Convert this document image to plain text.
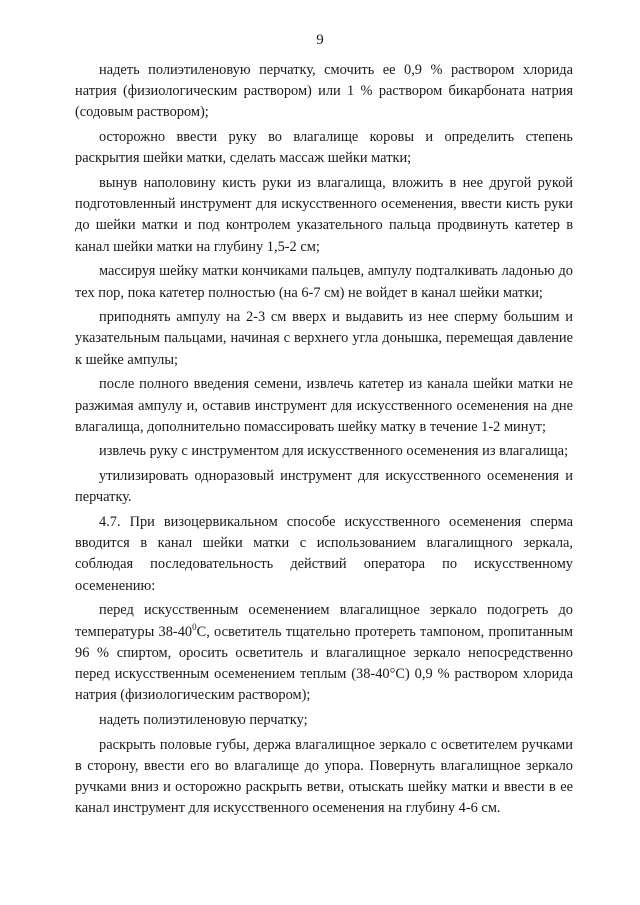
9

надеть полиэтиленовую перчатку, смочить ее 0,9 % раствором хлорида натрия (физиологическим раствором) или 1 % раствором бикарбоната натрия (содовым раствором);

осторожно ввести руку во влагалище коровы и определить степень раскрытия шейки матки, сделать массаж шейки матки;

вынув наполовину кисть руки из влагалища, вложить в нее другой рукой подготовленный инструмент для искусственного осеменения, ввести кисть руки до шейки матки и под контролем указательного пальца продвинуть катетер в канал шейки матки на глубину 1,5-2 см;

массируя шейку матки кончиками пальцев, ампулу подталкивать ладонью до тех пор, пока катетер полностью (на 6-7 см) не войдет в канал шейки матки;

приподнять ампулу на 2-3 см вверх и выдавить из нее сперму большим и указательным пальцами, начиная с верхнего угла донышка, перемещая давление к шейке ампулы;

после полного введения семени, извлечь катетер из канала шейки матки не разжимая ампулу и, оставив инструмент для искусственного осеменения на дне влагалища, дополнительно помассировать шейку матку в течение 1-2 минут;

извлечь руку с инструментом для искусственного осеменения из влагалища;

утилизировать одноразовый инструмент для искусственного осеменения и перчатку.

4.7. При визоцервикальном способе искусственного осеменения сперма вводится в канал шейки матки с использованием влагалищного зеркала, соблюдая последовательность действий оператора по искусственному осеменению:

перед искусственным осеменением влагалищное зеркало подогреть до температуры $38-40^0С$, осветитель тщательно протереть тампоном, пропитанным 96 % спиртом, оросить осветитель и влагалищное зеркало непосредственно перед искусственным осеменением теплым (38-40°С) 0,9 % раствором хлорида натрия (физиологическим раствором);

надеть полиэтиленовую перчатку;

раскрыть половые губы, держа влагалищное зеркало с осветителем ручками в сторону, ввести его во влагалище до упора. Повернуть влагалищное зеркало ручками вниз и осторожно раскрыть ветви, отыскать шейку матки и ввести в ее канал инструмент для искусственного осеменения на глубину 4-6 см.
